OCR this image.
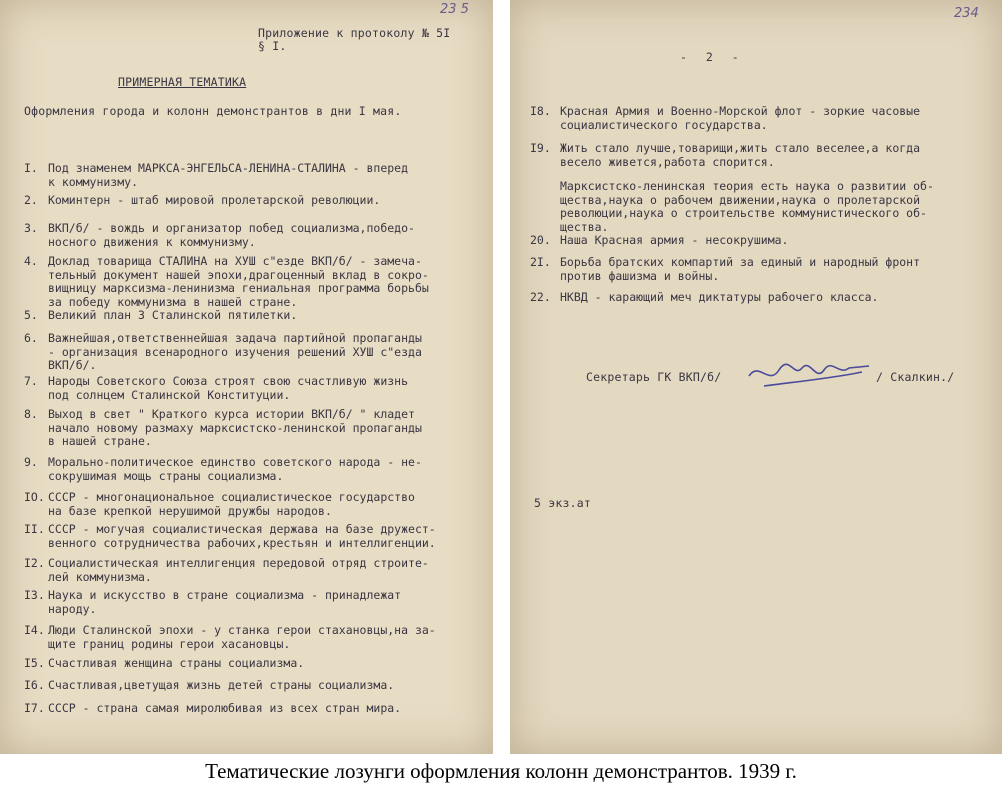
23 5
Приложение к протоколу № 5I
§ I.
ПРИМЕРНАЯ ТЕМАТИКА
Оформления города и колонн демонстрантов в дни I мая.
I. Под знаменем МАРКСА-ЭНГЕЛЬСА-ЛЕНИНА-СТАЛИНА - вперед
к коммунизму.
2. Коминтерн - штаб мировой пролетарской революции.
3. ВКП/б/ - вождь и организатор побед социализма,победо-
носного движения к коммунизму.
4. Доклад товарища СТАЛИНА на ХУШ с"езде ВКП/б/ - замеча-
тельный документ нашей эпохи,драгоценный вклад в сокро-
вищницу марксизма-ленинизма гениальная программа борьбы
за победу коммунизма в нашей стране.
5. Великий план 3 Сталинской пятилетки.
6. Важнейшая,ответственнейшая задача партийной пропаганды
- организация всенародного изучения решений ХУШ с"езда
ВКП/б/.
7. Народы Советского Союза строят свою счастливую жизнь
под солнцем Сталинской Конституции.
8. Выход в свет " Краткого курса истории ВКП/б/ " кладет
начало новому размаху марксистско-ленинской пропаганды
в нашей стране.
9. Морально-политическое единство советского народа - не-
сокрушимая мощь страны социализма.
IO. СССР - многонациональное социалистическое государство
на базе крепкой нерушимой дружбы народов.
II. СССР - могучая социалистическая держава на базе дружест-
венного сотрудничества рабочих,крестьян и интеллигенции.
I2. Социалистическая интеллигенция передовой отряд строите-
лей коммунизма.
I3. Наука и искусство в стране социализма - принадлежат
народу.
I4. Люди Сталинской эпохи - у станка герои стахановцы,на за-
щите границ родины герои хасановцы.
I5. Счастливая женщина страны социализма.
I6. Счастливая,цветущая жизнь детей страны социализма.
I7. СССР - страна самая миролюбивая из всех стран мира.
234
- 2 -
I8. Красная Армия и Военно-Морской флот - зоркие часовые
социалистического государства.
I9. Жить стало лучше,товарищи,жить стало веселее,а когда
весело живется,работа спорится.
Марксистско-ленинская теория есть наука о развитии об-
щества,наука о рабочем движении,наука о пролетарской
революции,наука о строительстве коммунистического об-
щества.
20. Наша Красная армия - несокрушима.
2I. Борьба братских компартий за единый и народный фронт
против фашизма и войны.
22. НКВД - карающий меч диктатуры рабочего класса.
Секретарь ГК ВКП/б/	/ Скалкин./
5 экз.ат
Тематические лозунги оформления колонн демонстрантов. 1939 г.
